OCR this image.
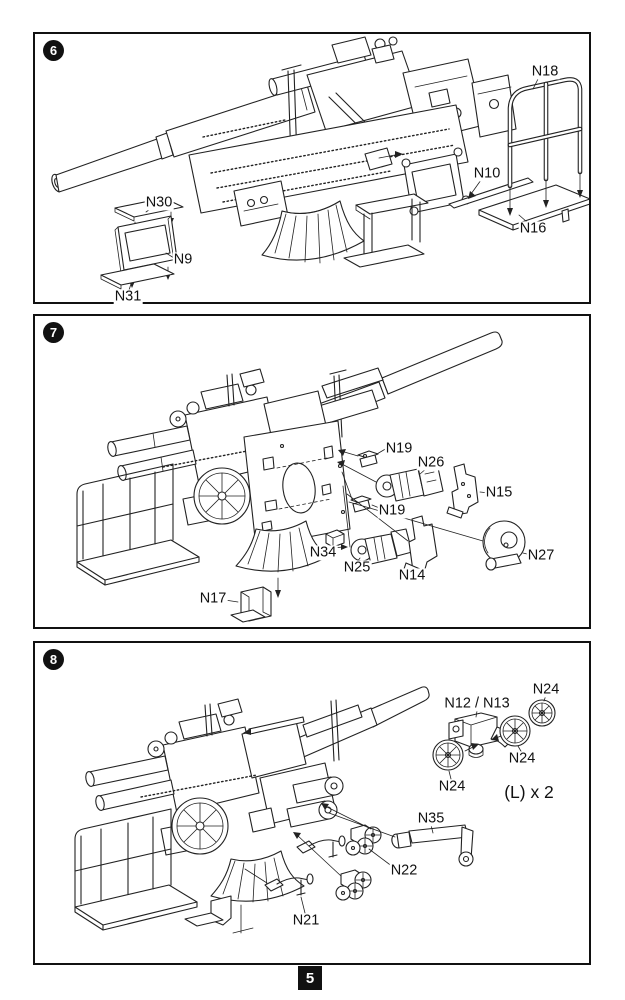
6
N18
N10
N16
N30
N9
N31
7
N19
N26
N15
N19
N34
N25 N14
N27
N17
8
N24
N12 / N13
N24
N24 (L) x 2
N35
N22
N21
5
